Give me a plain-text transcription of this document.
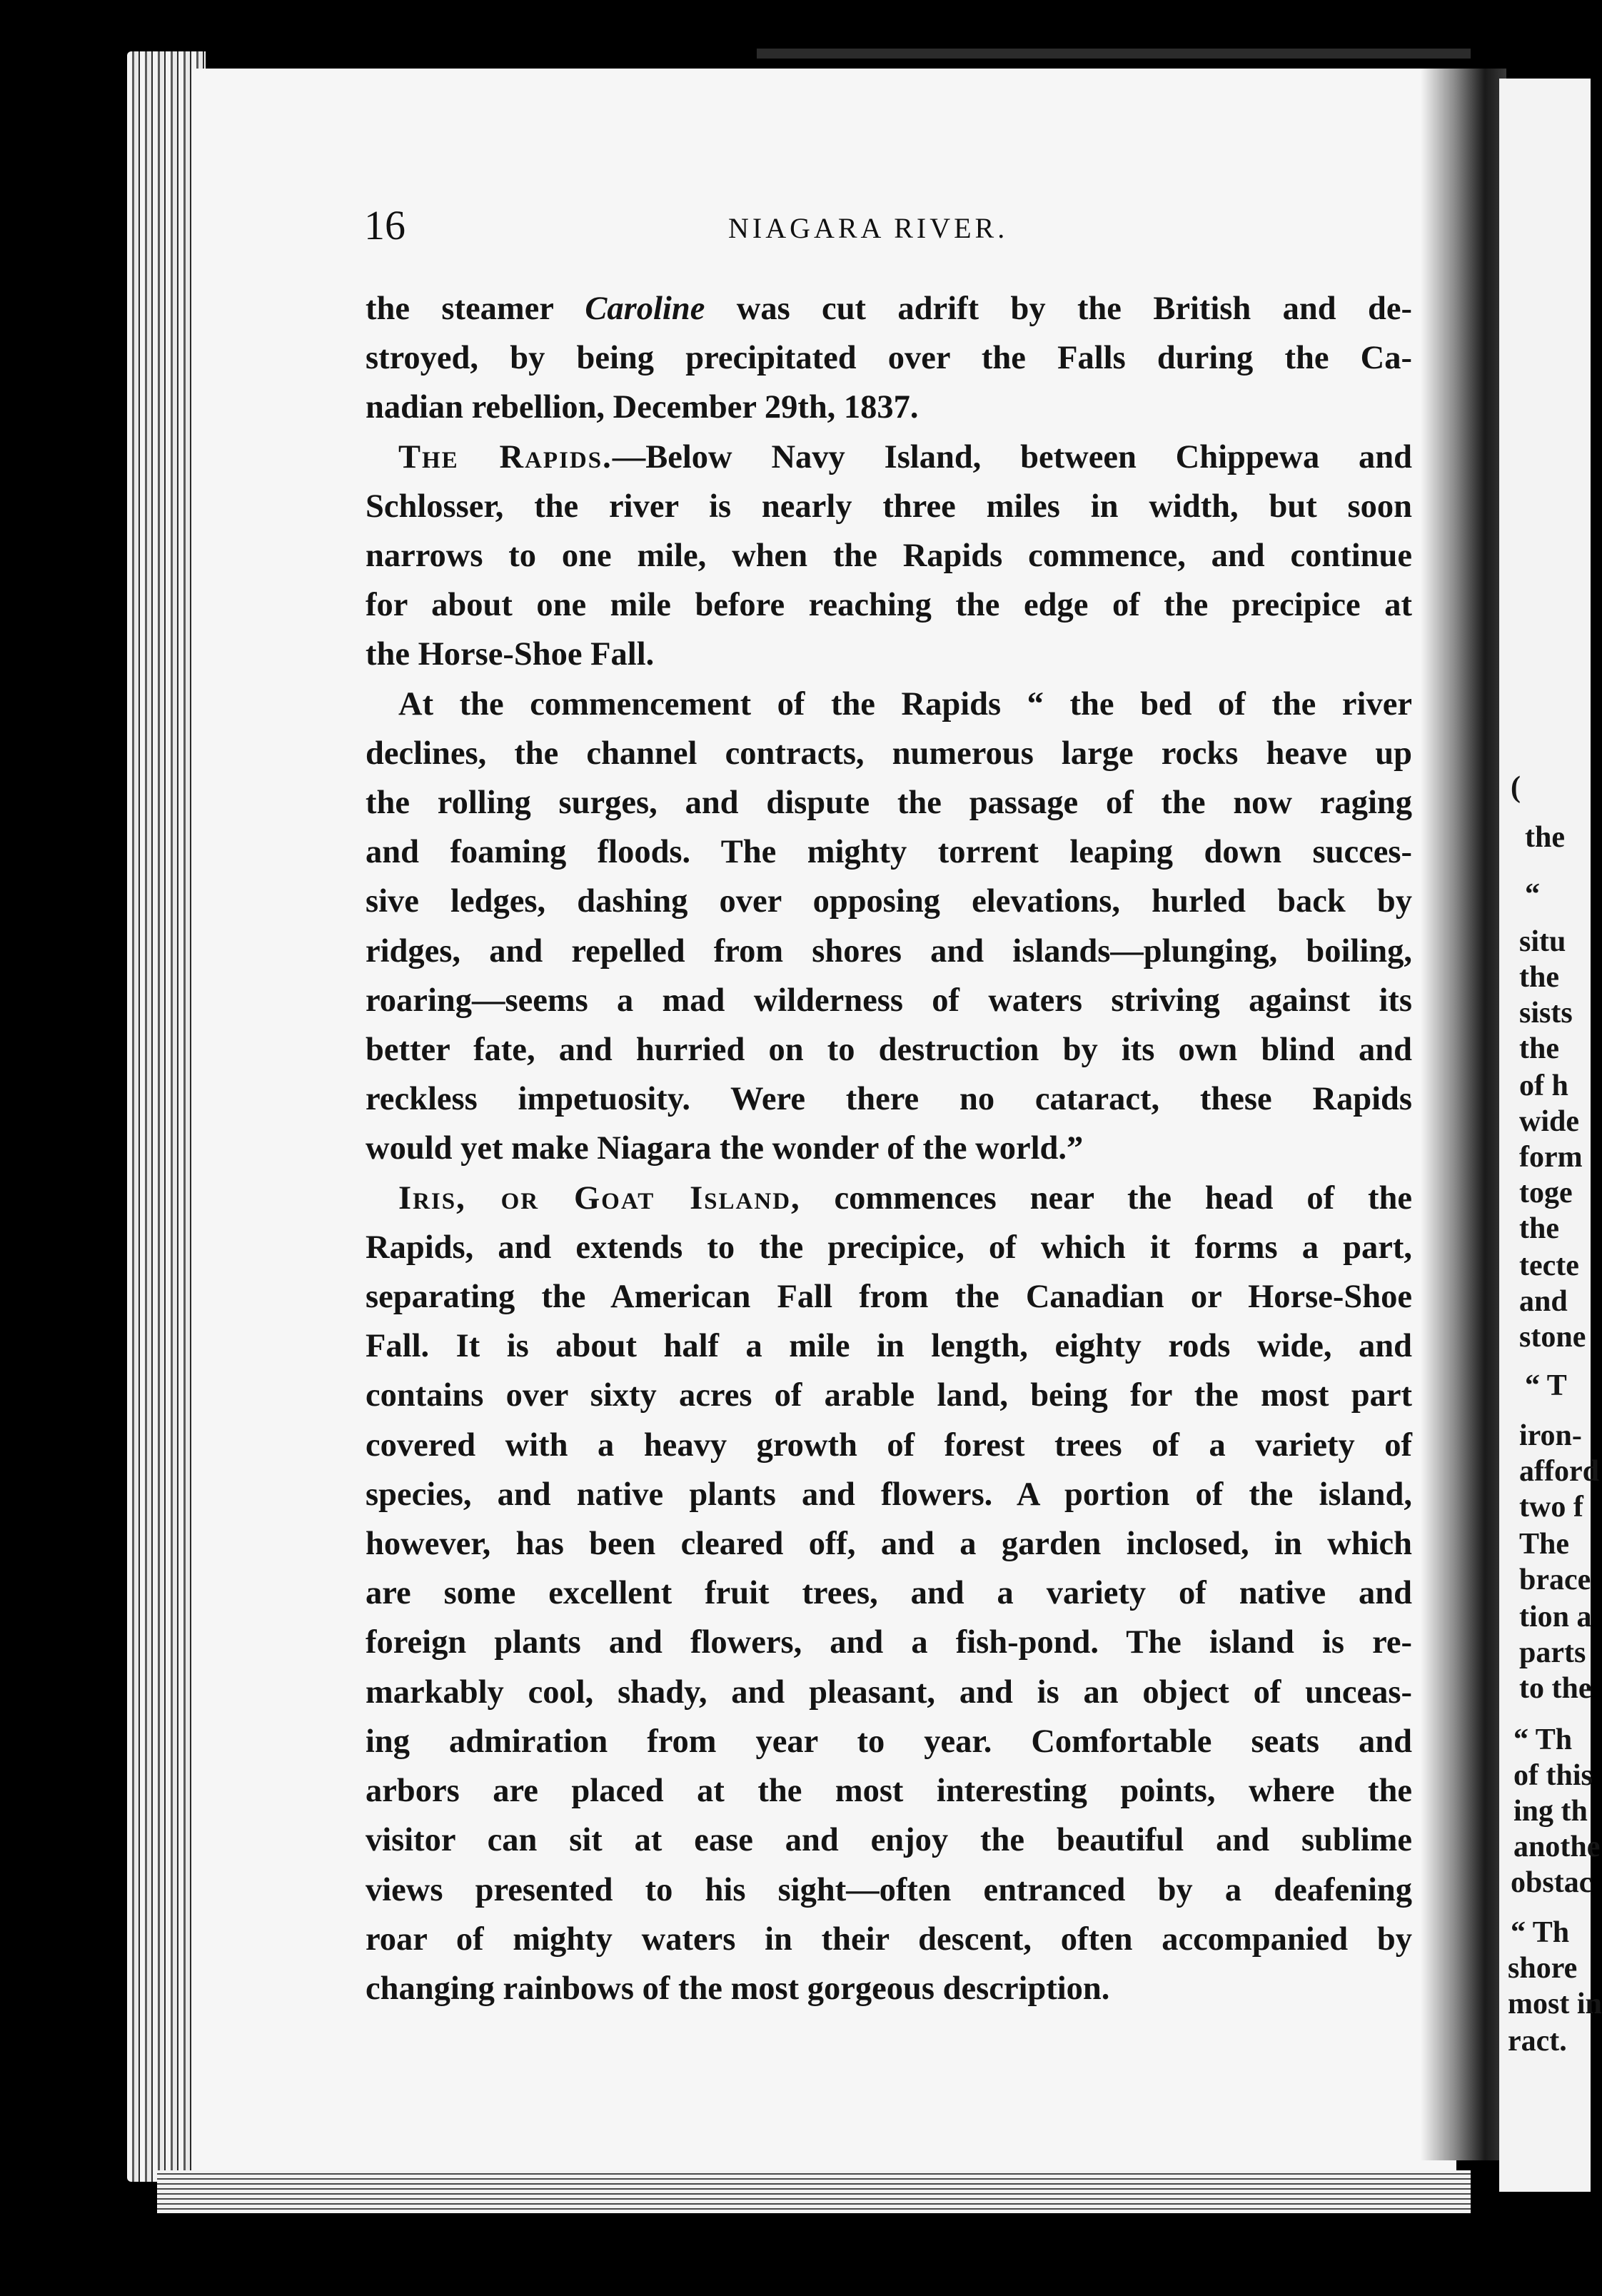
(
the
“
situ
the
sists
the
of h
wide
form
toge
the
tecte
and
stone
“ T
iron-
afford
two f
The
brace
tion a
parts
to the
“ Th
of this
ing th
anothe
obstac
“ Th
shore
most in
ract.
16	NIAGARA RIVER.

the steamer Caroline was cut adrift by the British and de-

stroyed, by being precipitated over the Falls during the Ca-

nadian rebellion, December 29th, 1837.

The Rapids.—Below Navy Island, between Chippewa and

Schlosser, the river is nearly three miles in width, but soon

narrows to one mile, when the Rapids commence, and continue

for about one mile before reaching the edge of the precipice at

the Horse-Shoe Fall.

At the commencement of the Rapids “ the bed of the river

declines, the channel contracts, numerous large rocks heave up

the rolling surges, and dispute the passage of the now raging

and foaming floods. The mighty torrent leaping down succes-

sive ledges, dashing over opposing elevations, hurled back by

ridges, and repelled from shores and islands—plunging, boiling,

roaring—seems a mad wilderness of waters striving against its

better fate, and hurried on to destruction by its own blind and

reckless impetuosity. Were there no cataract, these Rapids

would yet make Niagara the wonder of the world.”

Iris, or Goat Island, commences near the head of the

Rapids, and extends to the precipice, of which it forms a part,

separating the American Fall from the Canadian or Horse-Shoe

Fall. It is about half a mile in length, eighty rods wide, and

contains over sixty acres of arable land, being for the most part

covered with a heavy growth of forest trees of a variety of

species, and native plants and flowers. A portion of the island,

however, has been cleared off, and a garden inclosed, in which

are some excellent fruit trees, and a variety of native and

foreign plants and flowers, and a fish-pond. The island is re-

markably cool, shady, and pleasant, and is an object of unceas-

ing admiration from year to year. Comfortable seats and

arbors are placed at the most interesting points, where the

visitor can sit at ease and enjoy the beautiful and sublime

views presented to his sight—often entranced by a deafening

roar of mighty waters in their descent, often accompanied by

changing rainbows of the most gorgeous description.
